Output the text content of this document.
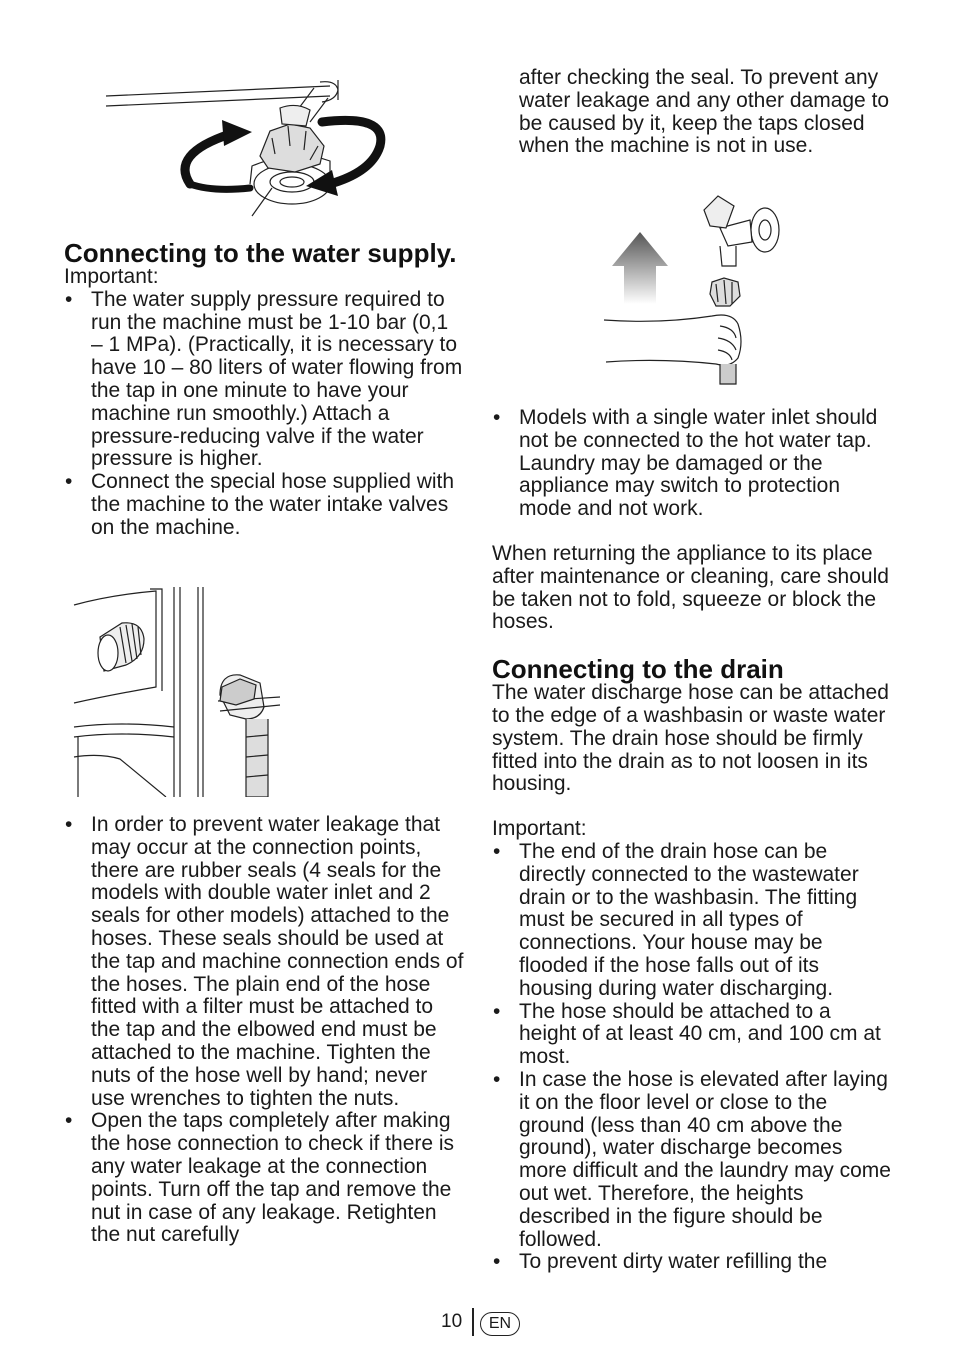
Connecting to the water supply.

Important:

• The water supply pressure required to run the machine must be 1-10 bar (0,1 – 1 MPa). (Practically, it is necessary to have 10 – 80 liters of water flowing from the tap in one minute to have your machine run smoothly.) Attach a pressure-reducing valve if the water pressure is higher.
• Connect the special hose supplied with the machine to the water intake valves on the machine.
• In order to prevent water leakage that may occur at the connection points, there are rubber seals (4 seals for the models with double water inlet and 2 seals for other models) attached to the hoses. These seals should be used at the tap and machine connection ends of the hoses. The plain end of the hose fitted with a filter must be attached to the tap and the elbowed end must be attached to the machine. Tighten the nuts of the hose well by hand; never use wrenches to tighten the nuts.
• Open the taps completely after making the hose connection to check if there is any water leakage at the connection points. Turn off the tap and remove the nut in case of any leakage. Retighten the nut carefully

after checking the seal. To prevent any water leakage and any other damage to be caused by it, keep the taps closed when the machine is not in use.

• Models with a single water inlet should not be connected to the hot water tap. Laundry may be damaged or the appliance may switch to protection mode and not work.

When returning the appliance to its place after maintenance or cleaning, care should be taken not to fold, squeeze or block the hoses.

Connecting to the drain

The water discharge hose can be attached to the edge of a washbasin or waste water system. The drain hose should be firmly fitted into the drain as to not loosen in its housing.

Important:

• The end of the drain hose can be directly connected to the wastewater drain or to the washbasin. The fitting must be secured in all types of connections. Your house may be flooded if the hose falls out of its housing during water discharging.
• The hose should be attached to a height of at least 40 cm, and 100 cm at most.
• In case the hose is elevated after laying it on the floor level or close to the ground (less than 40 cm above the ground), water discharge becomes more difficult and the laundry may come out wet. Therefore, the heights described in the figure should be followed.
• To prevent dirty water refilling the
10	EN
